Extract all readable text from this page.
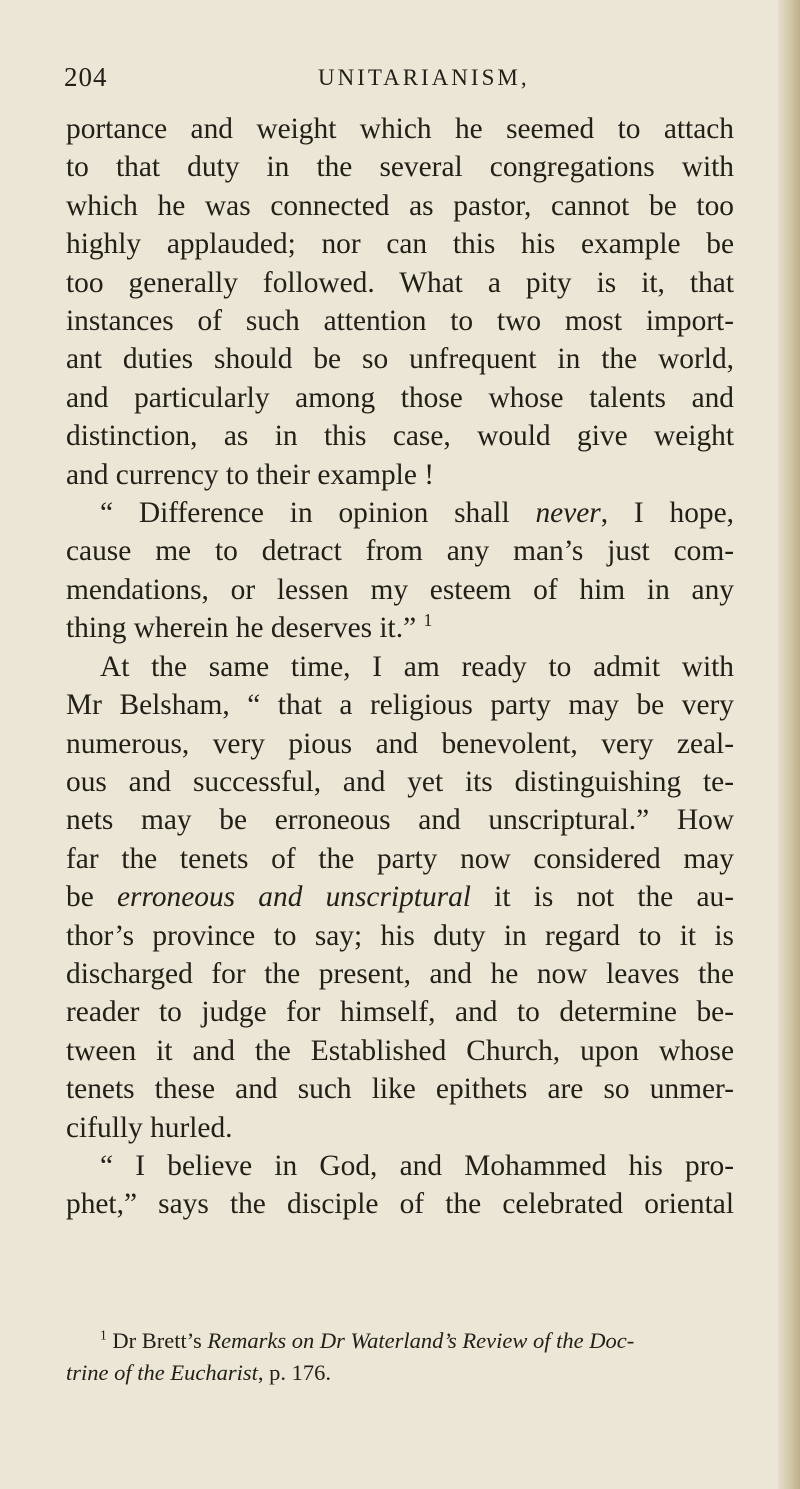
204	UNITARIANISM,
portance and weight which he seemed to attach
to that duty in the several congregations with
which he was connected as pastor, cannot be too
highly applauded; nor can this his example be
too generally followed. What a pity is it, that
instances of such attention to two most import-
ant duties should be so unfrequent in the world,
and particularly among those whose talents and
distinction, as in this case, would give weight
and currency to their example !
“ Difference in opinion shall never, I hope,
cause me to detract from any man’s just com-
mendations, or lessen my esteem of him in any
thing wherein he deserves it.” $^1$
At the same time, I am ready to admit with
Mr Belsham, “ that a religious party may be very
numerous, very pious and benevolent, very zeal-
ous and successful, and yet its distinguishing te-
nets may be erroneous and unscriptural.” How
far the tenets of the party now considered may
be erroneous and unscriptural it is not the au-
thor’s province to say; his duty in regard to it is
discharged for the present, and he now leaves the
reader to judge for himself, and to determine be-
tween it and the Established Church, upon whose
tenets these and such like epithets are so unmer-
cifully hurled.
“ I believe in God, and Mohammed his pro-
phet,” says the disciple of the celebrated oriental
$^1$ Dr Brett’s Remarks on Dr Waterland’s Review of the Doc-
trine of the Eucharist, p. 176.
